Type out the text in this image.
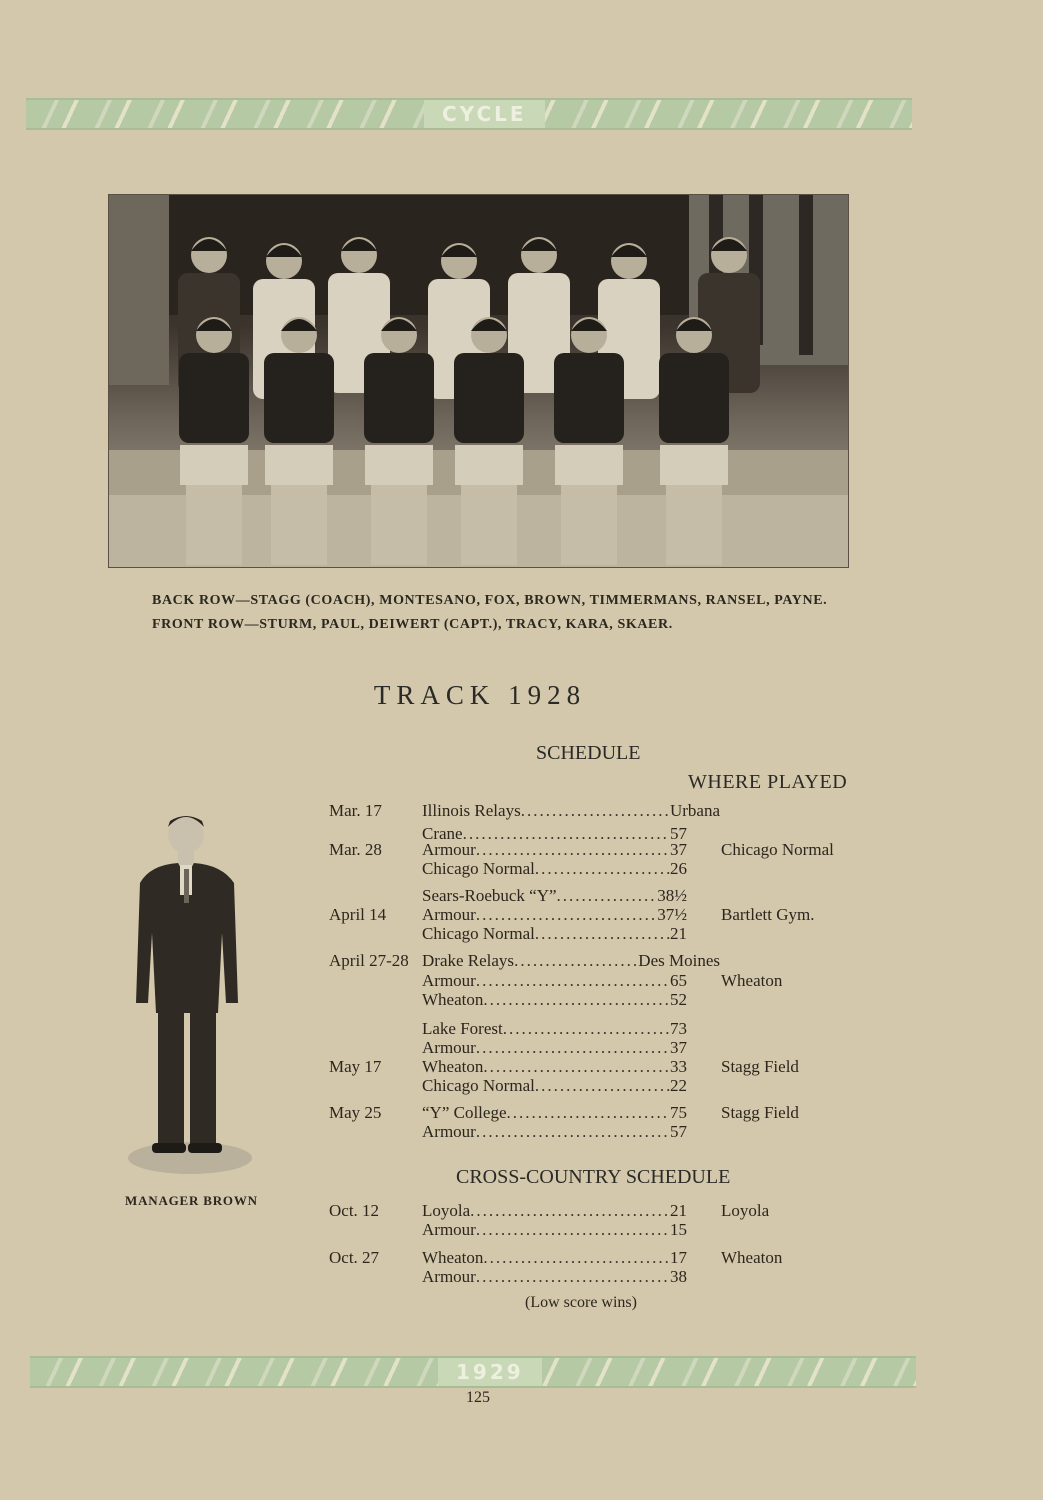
CYCLE
BACK ROW—STAGG (COACH), MONTESANO, FOX, BROWN, TIMMERMANS, RANSEL, PAYNE.
FRONT ROW—STURM, PAUL, DEIWERT (CAPT.), TRACY, KARA, SKAER.
TRACK 1928
SCHEDULE
WHERE PLAYED
MANAGER BROWN
Mar. 17 Illinois Relays .....	Urbana
Crane .....	57
Mar. 28 Armour .....	37 Chicago Normal
Chicago Normal .....	26
Sears-Roebuck “Y” .....	38½
April 14 Armour .....	37½ Bartlett Gym.
Chicago Normal .....	21
April 27-28 Drake Relays .....	Des Moines
Armour .....	65 Wheaton
Wheaton .....	52
Lake Forest .....	73
Armour .....	37
May 17 Wheaton .....	33 Stagg Field
Chicago Normal .....	22
May 25 “Y” College .....	75 Stagg Field
Armour .....	57
CROSS-COUNTRY SCHEDULE
Oct. 12	Loyola .....	21 Loyola
Armour .....	15
Oct. 27	Wheaton .....	17 Wheaton
Armour .....	38
(Low score wins)
1929
125
